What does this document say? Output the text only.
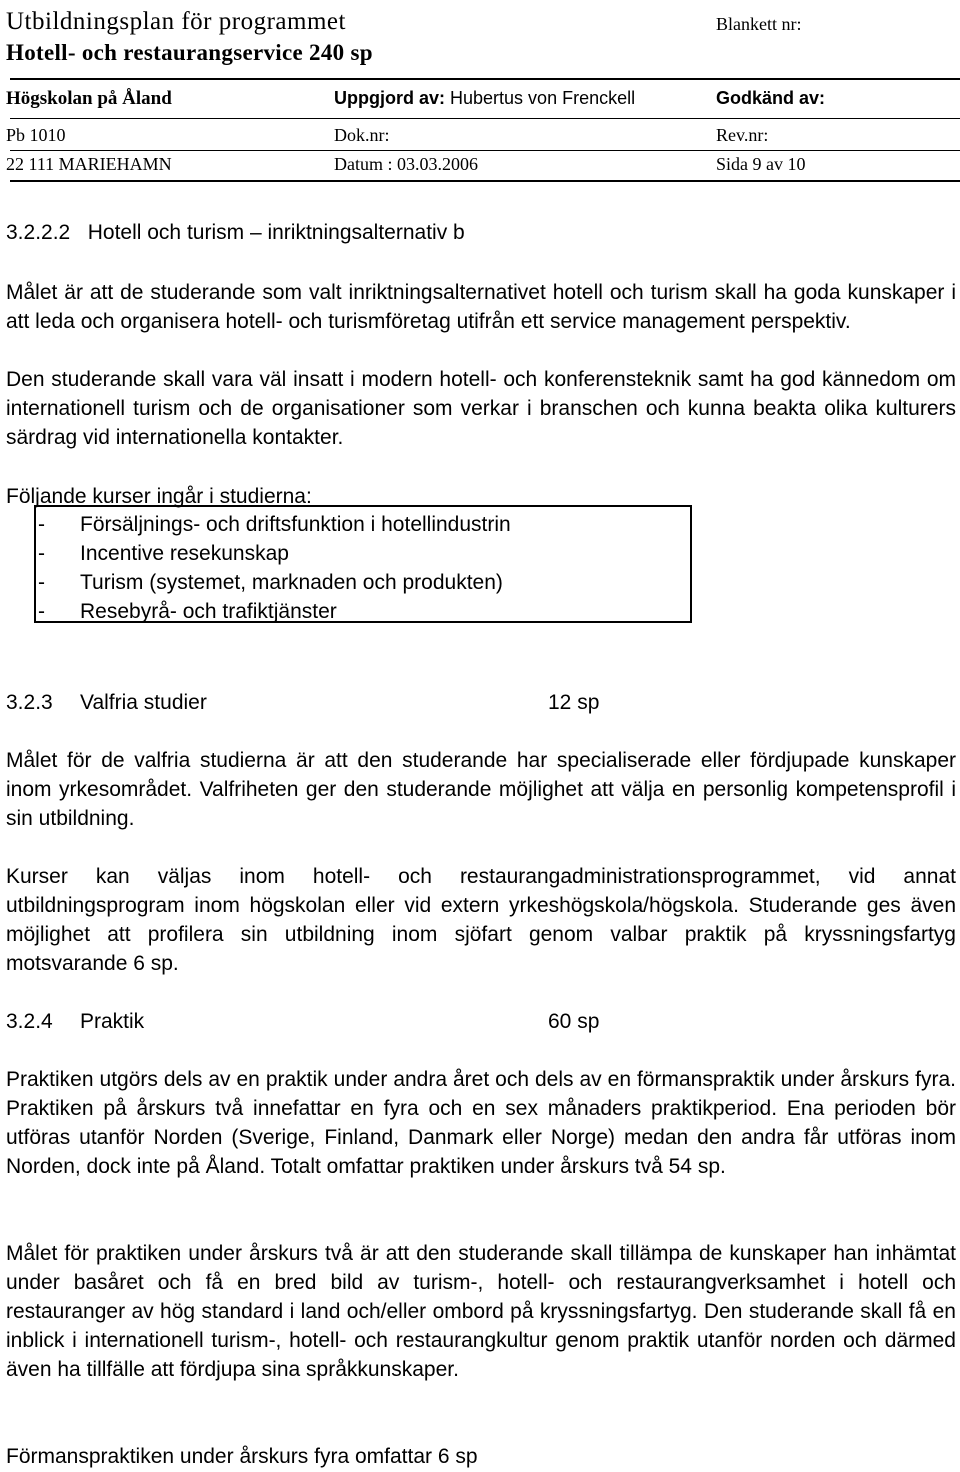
Utbildningsplan för programmet
Hotell- och restaurangservice 240 sp
Blankett nr:
Högskolan på Åland	Uppgjord av: Hubertus von Frenckell	Godkänd av:
Pb 1010	Dok.nr:	Rev.nr:
22 111 MARIEHAMN	Datum : 03.03.2006	Sida 9 av 10
3.2.2.2   Hotell och turism – inriktningsalternativ b

Målet är att de studerande som valt inriktningsalternativet hotell och turism skall ha goda kunskaper i att leda och organisera hotell- och turismföretag utifrån ett service management perspektiv.

Den studerande skall vara väl insatt i modern hotell- och konferensteknik samt ha god kännedom om internationell turism och de organisationer som verkar i branschen och kunna beakta olika kulturers särdrag vid internationella kontakter.

Följande kurser ingår i studierna:
- Försäljnings- och driftsfunktion i hotellindustrin
- Incentive resekunskap
- Turism (systemet, marknaden och produkten)
- Resebyrå- och trafiktjänster
3.2.3 Valfria studier	12 sp

Målet för de valfria studierna är att den studerande har specialiserade eller fördjupade kunskaper inom yrkesområdet. Valfriheten ger den studerande möjlighet att välja en personlig kompetensprofil i sin utbildning.

Kurser kan väljas inom hotell- och restaurangadministrationsprogrammet, vid annat utbildningsprogram inom högskolan eller vid extern yrkeshögskola/högskola. Studerande ges även möjlighet att profilera sin utbildning inom sjöfart genom valbar praktik på kryssningsfartyg motsvarande 6 sp.

3.2.4 Praktik	60 sp

Praktiken utgörs dels av en praktik under andra året och dels av en förmanspraktik under årskurs fyra. Praktiken på årskurs två innefattar en fyra och en sex månaders praktikperiod. Ena perioden bör utföras utanför Norden (Sverige, Finland, Danmark eller Norge) medan den andra får utföras inom Norden, dock inte på Åland. Totalt omfattar praktiken under årskurs två 54 sp.

Målet för praktiken under årskurs två är att den studerande skall tillämpa de kunskaper han inhämtat under basåret och få en bred bild av turism-, hotell- och restaurangverksamhet i hotell och restauranger av hög standard i land och/eller ombord på kryssningsfartyg. Den studerande skall få en inblick i internationell turism-, hotell- och restaurangkultur genom praktik utanför norden och därmed även ha tillfälle att fördjupa sina språkkunskaper.

Förmanspraktiken under årskurs fyra omfattar 6 sp
